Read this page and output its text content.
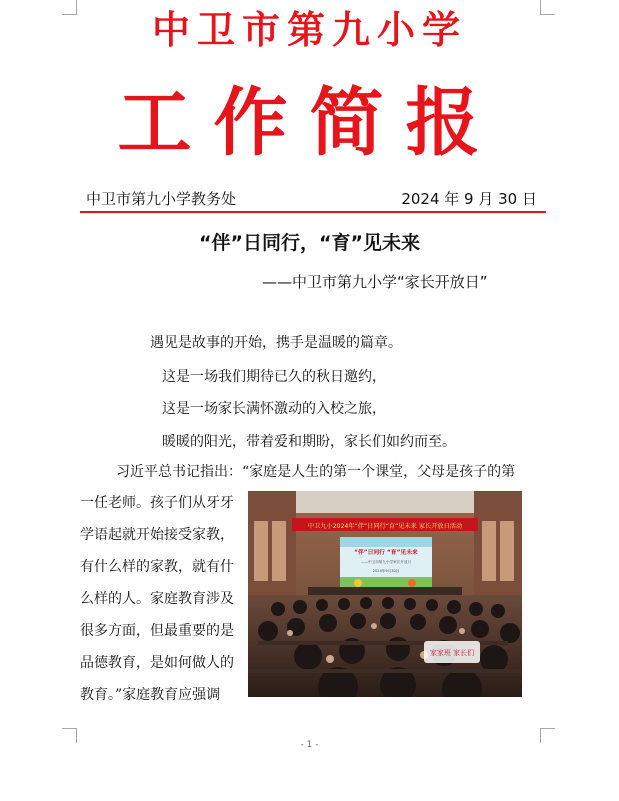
中卫市第九小学
工作简报
中卫市第九小学教务处	2024 年 9 月 30 日
“伴”日同行，“育”见未来
——中卫市第九小学“家长开放日”
遇见是故事的开始，携手是温暖的篇章。
这是一场我们期待已久的秋日邀约，
这是一场家长满怀激动的入校之旅，
暖暖的阳光，带着爱和期盼，家长们如约而至。
习近平总书记指出：“家庭是人生的第一个课堂，父母是孩子的第
一任老师。孩子们从牙牙
学语起就开始接受家教，
有什么样的家教，就有什
么样的人。家庭教育涉及
很多方面，但最重要的是
品德教育，是如何做人的
教育。”家庭教育应强调
中卫九小2024年“伴”日同行“育”见未来 家长开放日活动
“伴”日同行 “育”见未来
——中卫市第九小学家长开放日
2024年9月30日
家家班 家长们
- 1 -
